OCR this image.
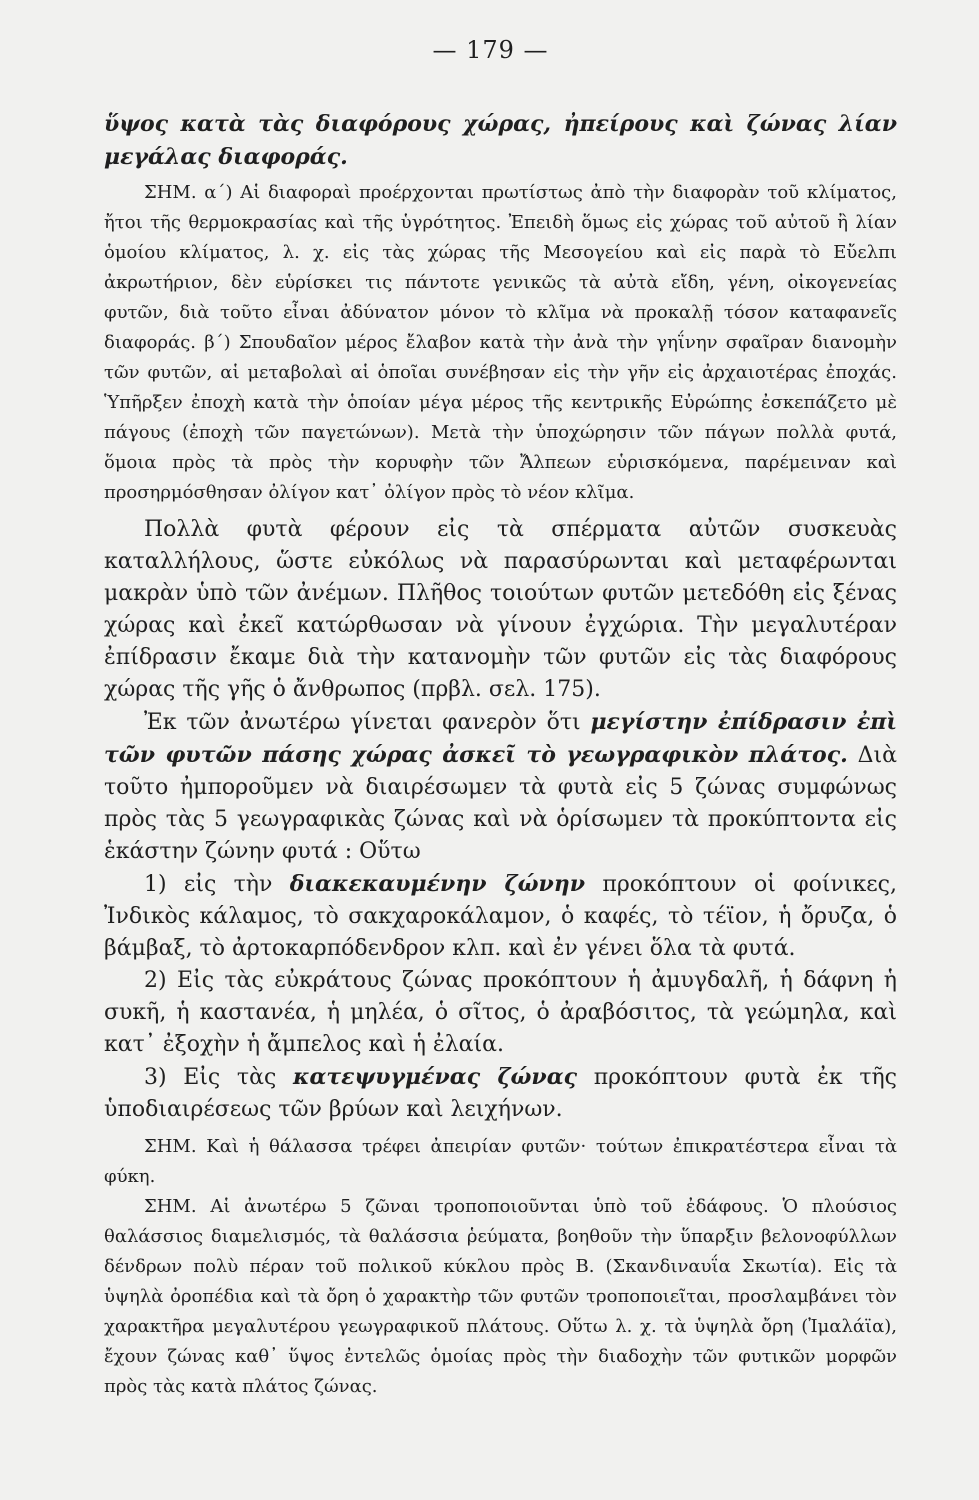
— 179 —

ὕψος κατὰ τὰς διαφόρους χώρας, ἠπείρους καὶ ζώνας λίαν μεγάλας διαφοράς.

ΣΗΜ. α΄) Αἱ διαφοραὶ προέρχονται πρωτίστως ἀπὸ τὴν διαφορὰν τοῦ κλίματος, ἤτοι τῆς θερμοκρασίας καὶ τῆς ὑγρότητος. Ἐπειδὴ ὅμως εἰς χώρας τοῦ αὐτοῦ ἢ λίαν ὁμοίου κλίματος, λ. χ. εἰς τὰς χώρας τῆς Μεσογείου καὶ εἰς παρὰ τὸ Εὔελπι ἀκρωτήριον, δὲν εὑρίσκει τις πάντοτε γενικῶς τὰ αὐτὰ εἴδη, γένη, οἰκογενείας φυτῶν, διὰ τοῦτο εἶναι ἀδύνατον μόνον τὸ κλῖμα νὰ προκαλῇ τόσον καταφανεῖς διαφοράς. β΄) Σπουδαῖον μέρος ἔλαβον κατὰ τὴν ἀνὰ τὴν γηΐνην σφαῖραν διανομὴν τῶν φυτῶν, αἱ μεταβολαὶ αἱ ὁποῖαι συνέβησαν εἰς τὴν γῆν εἰς ἀρχαιοτέρας ἐποχάς. Ὑπῆρξεν ἐποχὴ κατὰ τὴν ὁποίαν μέγα μέρος τῆς κεντρικῆς Εὐρώπης ἐσκεπάζετο μὲ πάγους (ἐποχὴ τῶν παγετώνων). Μετὰ τὴν ὑποχώρησιν τῶν πάγων πολλὰ φυτά, ὅμοια πρὸς τὰ πρὸς τὴν κορυφὴν τῶν Ἄλπεων εὑρισκόμενα, παρέμειναν καὶ προσηρμόσθησαν ὀλίγον κατ᾿ ὀλίγον πρὸς τὸ νέον κλῖμα.

Πολλὰ φυτὰ φέρουν εἰς τὰ σπέρματα αὐτῶν συσκευὰς καταλλήλους, ὥστε εὐκόλως νὰ παρασύρωνται καὶ μεταφέρωνται μακρὰν ὑπὸ τῶν ἀνέμων. Πλῆθος τοιούτων φυτῶν μετεδόθη εἰς ξένας χώρας καὶ ἐκεῖ κατώρθωσαν νὰ γίνουν ἐγχώρια. Τὴν μεγαλυτέραν ἐπίδρασιν ἔκαμε διὰ τὴν κατανομὴν τῶν φυτῶν εἰς τὰς διαφόρους χώρας τῆς γῆς ὁ ἄνθρωπος (πρβλ. σελ. 175).

Ἐκ τῶν ἀνωτέρω γίνεται φανερὸν ὅτι μεγίστην ἐπίδρασιν ἐπὶ τῶν φυτῶν πάσης χώρας ἀσκεῖ τὸ γεωγραφικὸν πλάτος. Διὰ τοῦτο ἠμποροῦμεν νὰ διαιρέσωμεν τὰ φυτὰ εἰς 5 ζώνας συμφώνως πρὸς τὰς 5 γεωγραφικὰς ζώνας καὶ νὰ ὁρίσωμεν τὰ προκύπτοντα εἰς ἑκάστην ζώνην φυτά : Οὕτω

1) εἰς τὴν διακεκαυμένην ζώνην προκόπτουν οἱ φοίνικες, Ἰνδικὸς κάλαμος, τὸ σακχαροκάλαμον, ὁ καφές, τὸ τέϊον, ἡ ὄρυζα, ὁ βάμβαξ, τὸ ἀρτοκαρπόδενδρον κλπ. καὶ ἐν γένει ὅλα τὰ φυτά.

2) Εἰς τὰς εὐκράτους ζώνας προκόπτουν ἡ ἀμυγδαλῆ, ἡ δάφνη ἡ συκῆ, ἡ καστανέα, ἡ μηλέα, ὁ σῖτος, ὁ ἀραβόσιτος, τὰ γεώμηλα, καὶ κατ᾿ ἐξοχὴν ἡ ἄμπελος καὶ ἡ ἐλαία.

3) Εἰς τὰς κατεψυγμένας ζώνας προκόπτουν φυτὰ ἐκ τῆς ὑποδιαιρέσεως τῶν βρύων καὶ λειχήνων.

ΣΗΜ. Καὶ ἡ θάλασσα τρέφει ἀπειρίαν φυτῶν· τούτων ἐπικρατέστερα εἶναι τὰ φύκη.

ΣΗΜ. Αἱ ἀνωτέρω 5 ζῶναι τροποποιοῦνται ὑπὸ τοῦ ἐδάφους. Ὁ πλούσιος θαλάσσιος διαμελισμός, τὰ θαλάσσια ῥεύματα, βοηθοῦν τὴν ὕπαρξιν βελονοφύλλων δένδρων πολὺ πέραν τοῦ πολικοῦ κύκλου πρὸς Β. (Σκανδιναυΐα Σκωτία). Εἰς τὰ ὑψηλὰ ὀροπέδια καὶ τὰ ὄρη ὁ χαρακτὴρ τῶν φυτῶν τροποποιεῖται, προσλαμβάνει τὸν χαρακτῆρα μεγαλυτέρου γεωγραφικοῦ πλάτους. Οὕτω λ. χ. τὰ ὑψηλὰ ὄρη (Ἰμαλάϊα), ἔχουν ζώνας καθ᾿ ὕψος ἐντελῶς ὁμοίας πρὸς τὴν διαδοχὴν τῶν φυτικῶν μορφῶν πρὸς τὰς κατὰ πλάτος ζώνας.
